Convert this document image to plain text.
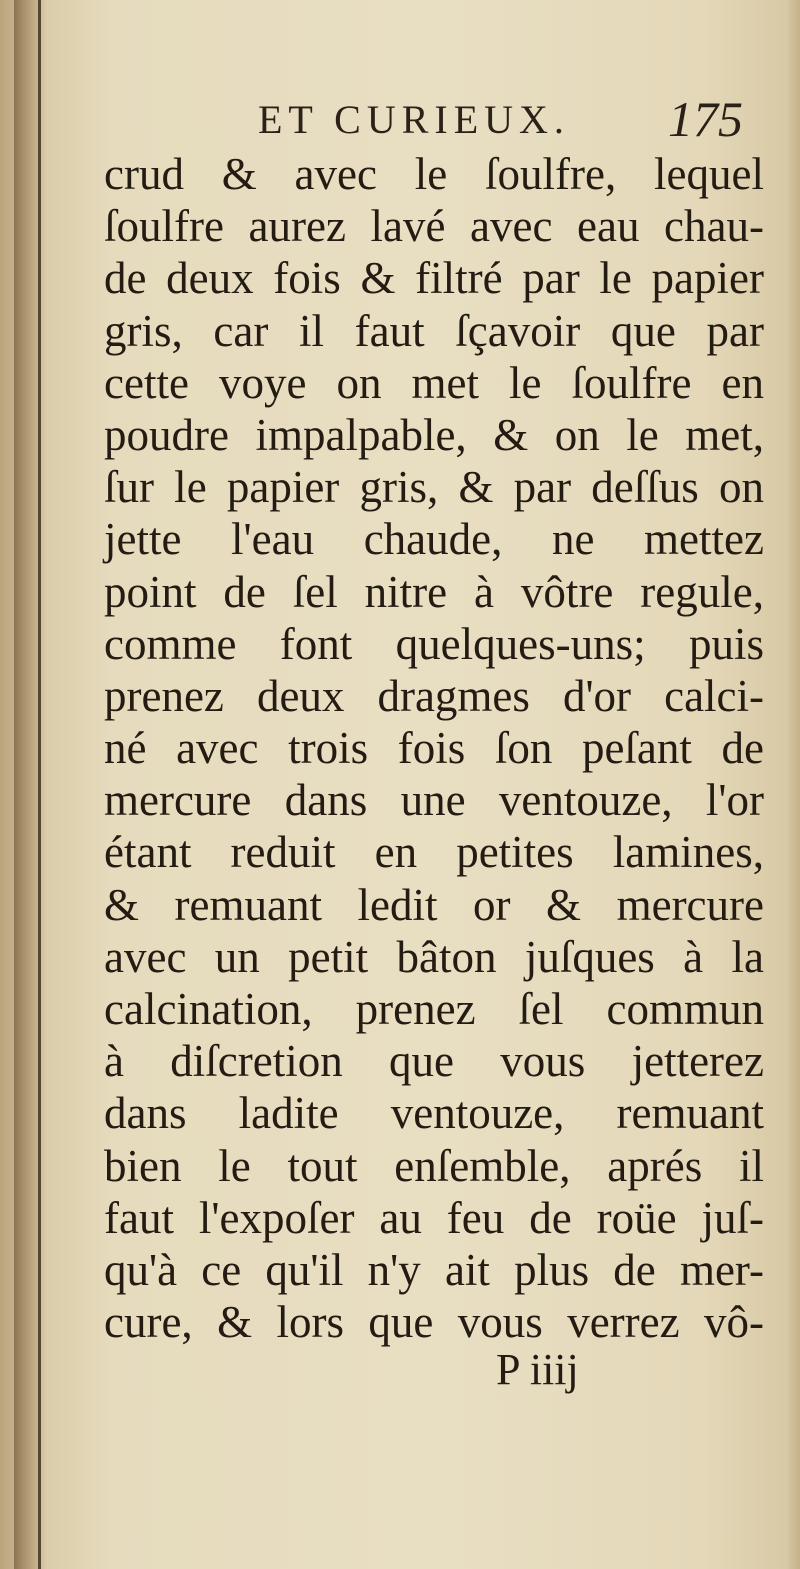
ET CURIEUX. 175
crud & avec le ſoulfre, lequel
ſoulfre aurez lavé avec eau chau-
de deux fois & filtré par le papier
gris, car il faut ſçavoir que par
cette voye on met le ſoulfre en
poudre impalpable, & on le met,
ſur le papier gris, & par deſſus on
jette l'eau chaude, ne mettez
point de ſel nitre à vôtre regule,
comme font quelques-uns; puis
prenez deux dragmes d'or calci-
né avec trois fois ſon peſant de
mercure dans une ventouze, l'or
étant reduit en petites lamines,
& remuant ledit or & mercure
avec un petit bâton juſques à la
calcination, prenez ſel commun
à diſcretion que vous jetterez
dans ladite ventouze, remuant
bien le tout enſemble, aprés il
faut l'expoſer au feu de roüe juſ-
qu'à ce qu'il n'y ait plus de mer-
cure, & lors que vous verrez vô-
P iiij
